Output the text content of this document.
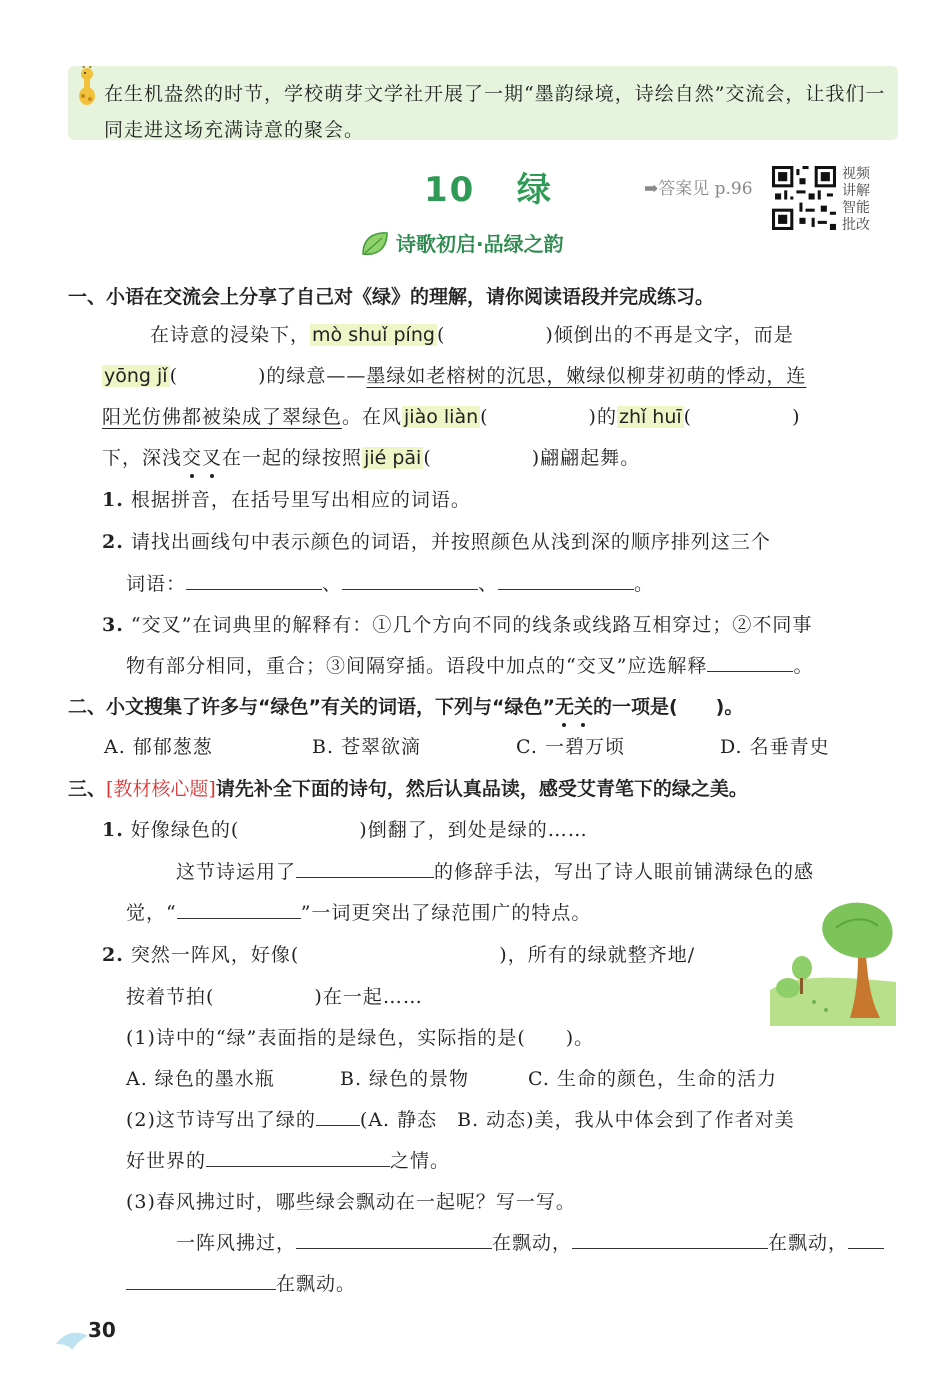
在生机盎然的时节，学校萌芽文学社开展了一期“墨韵绿境，诗绘自然”交流会，让我们一同走进这场充满诗意的聚会。
10 绿	➡答案见 p.96
视频讲解 智能批改
诗歌初启·品绿之韵
一、小语在交流会上分享了自己对《绿》的理解，请你阅读语段并完成练习。
在诗意的浸染下， mò shuǐ píng (　　　　　)倾倒出的不再是文字，而是
yōng jǐ (　　　　)的绿意——墨绿如老榕树的沉思，嫩绿似柳芽初萌的悸动，连
阳光仿佛都被染成了翠绿色。在风 jiào liàn (　　　　　)的 zhǐ huī (　　　　　)
下，深浅交叉在一起的绿按照 jié pāi (　　　　　)翩翩起舞。
1. 根据拼音，在括号里写出相应的词语。
2. 请找出画线句中表示颜色的词语，并按照颜色从浅到深的顺序排列这三个
词语：	、	、	。
3. “交叉”在词典里的解释有：①几个方向不同的线条或线路互相穿过；②不同事
物有部分相同，重合；③间隔穿插。语段中加点的“交叉”应选解释	。
二、小文搜集了许多与“绿色”有关的词语，下列与“绿色”无关的一项是(　　)。
A. 郁郁葱葱	B. 苍翠欲滴	C. 一碧万顷	D. 名垂青史
三、[教材核心题]请先补全下面的诗句，然后认真品读，感受艾青笔下的绿之美。
1. 好像绿色的(　　　　　　)倒翻了，到处是绿的……
这节诗运用了	的修辞手法，写出了诗人眼前铺满绿色的感
觉，“	”一词更突出了绿范围广的特点。
2. 突然一阵风，好像(　　　　　　　　　　)，所有的绿就整齐地/
按着节拍(　　　　　)在一起……
(1)诗中的“绿”表面指的是绿色，实际指的是(　　)。
A. 绿色的墨水瓶	B. 绿色的景物	C. 生命的颜色，生命的活力
(2)这节诗写出了绿的 (A. 静态　B. 动态)美，我从中体会到了作者对美
好世界的	之情。
(3)春风拂过时，哪些绿会飘动在一起呢？写一写。
一阵风拂过，	在飘动，	在飘动，
在飘动。
30
